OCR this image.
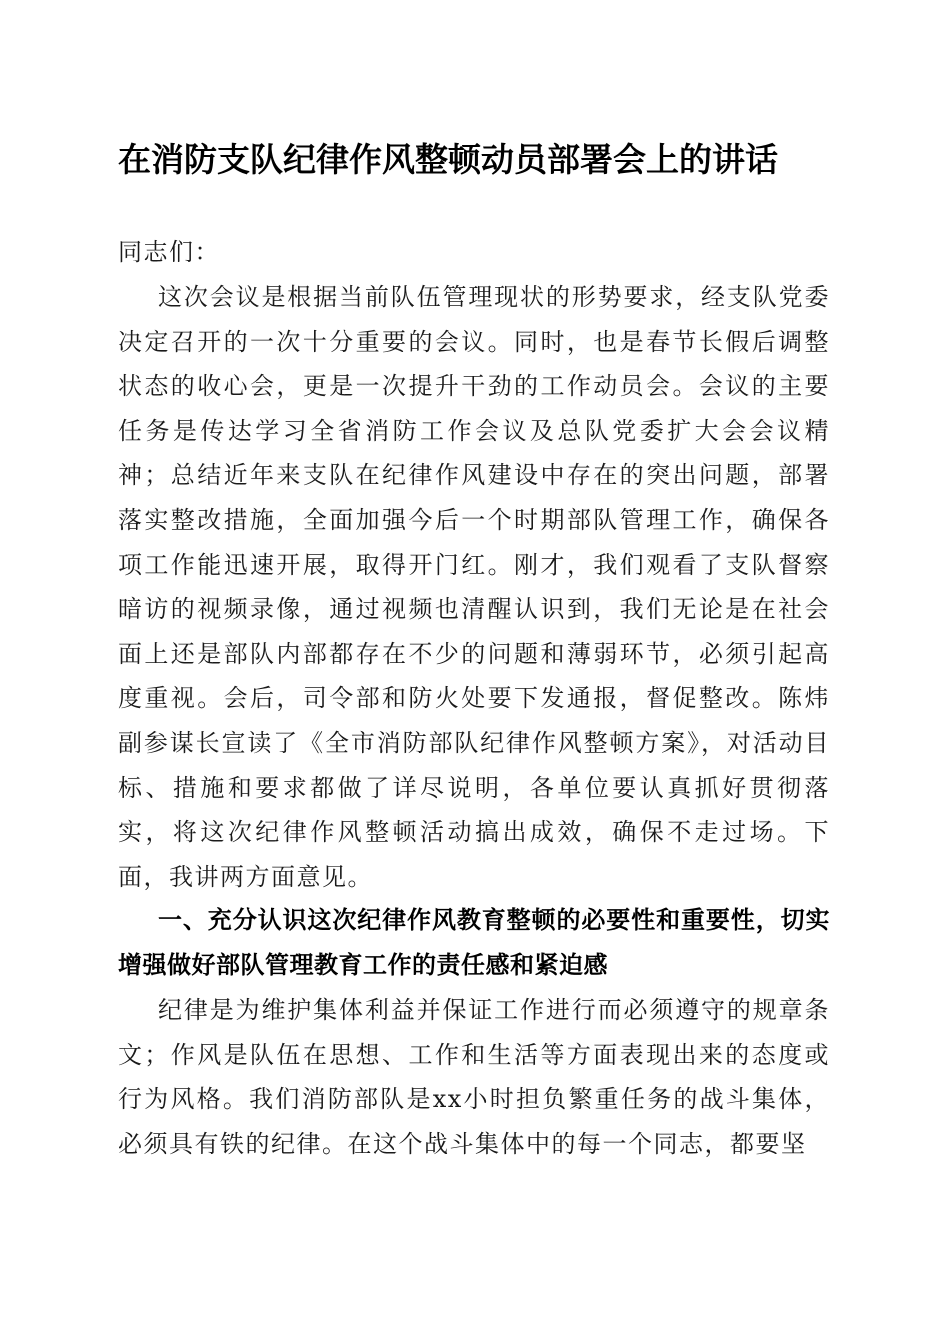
在消防支队纪律作风整顿动员部署会上的讲话

同志们：

这次会议是根据当前队伍管理现状的形势要求，经支队党委决定召开的一次十分重要的会议。同时，也是春节长假后调整状态的收心会，更是一次提升干劲的工作动员会。会议的主要任务是传达学习全省消防工作会议及总队党委扩大会会议精神；总结近年来支队在纪律作风建设中存在的突出问题，部署落实整改措施，全面加强今后一个时期部队管理工作，确保各项工作能迅速开展，取得开门红。刚才，我们观看了支队督察暗访的视频录像，通过视频也清醒认识到，我们无论是在社会面上还是部队内部都存在不少的问题和薄弱环节，必须引起高度重视。会后，司令部和防火处要下发通报，督促整改。陈炜副参谋长宣读了《全市消防部队纪律作风整顿方案》，对活动目标、措施和要求都做了详尽说明，各单位要认真抓好贯彻落实，将这次纪律作风整顿活动搞出成效，确保不走过场。下面，我讲两方面意见。

一、充分认识这次纪律作风教育整顿的必要性和重要性，切实增强做好部队管理教育工作的责任感和紧迫感

纪律是为维护集体利益并保证工作进行而必须遵守的规章条文；作风是队伍在思想、工作和生活等方面表现出来的态度或行为风格。我们消防部队是xx小时担负繁重任务的战斗集体，必须具有铁的纪律。在这个战斗集体中的每一个同志，都要坚
